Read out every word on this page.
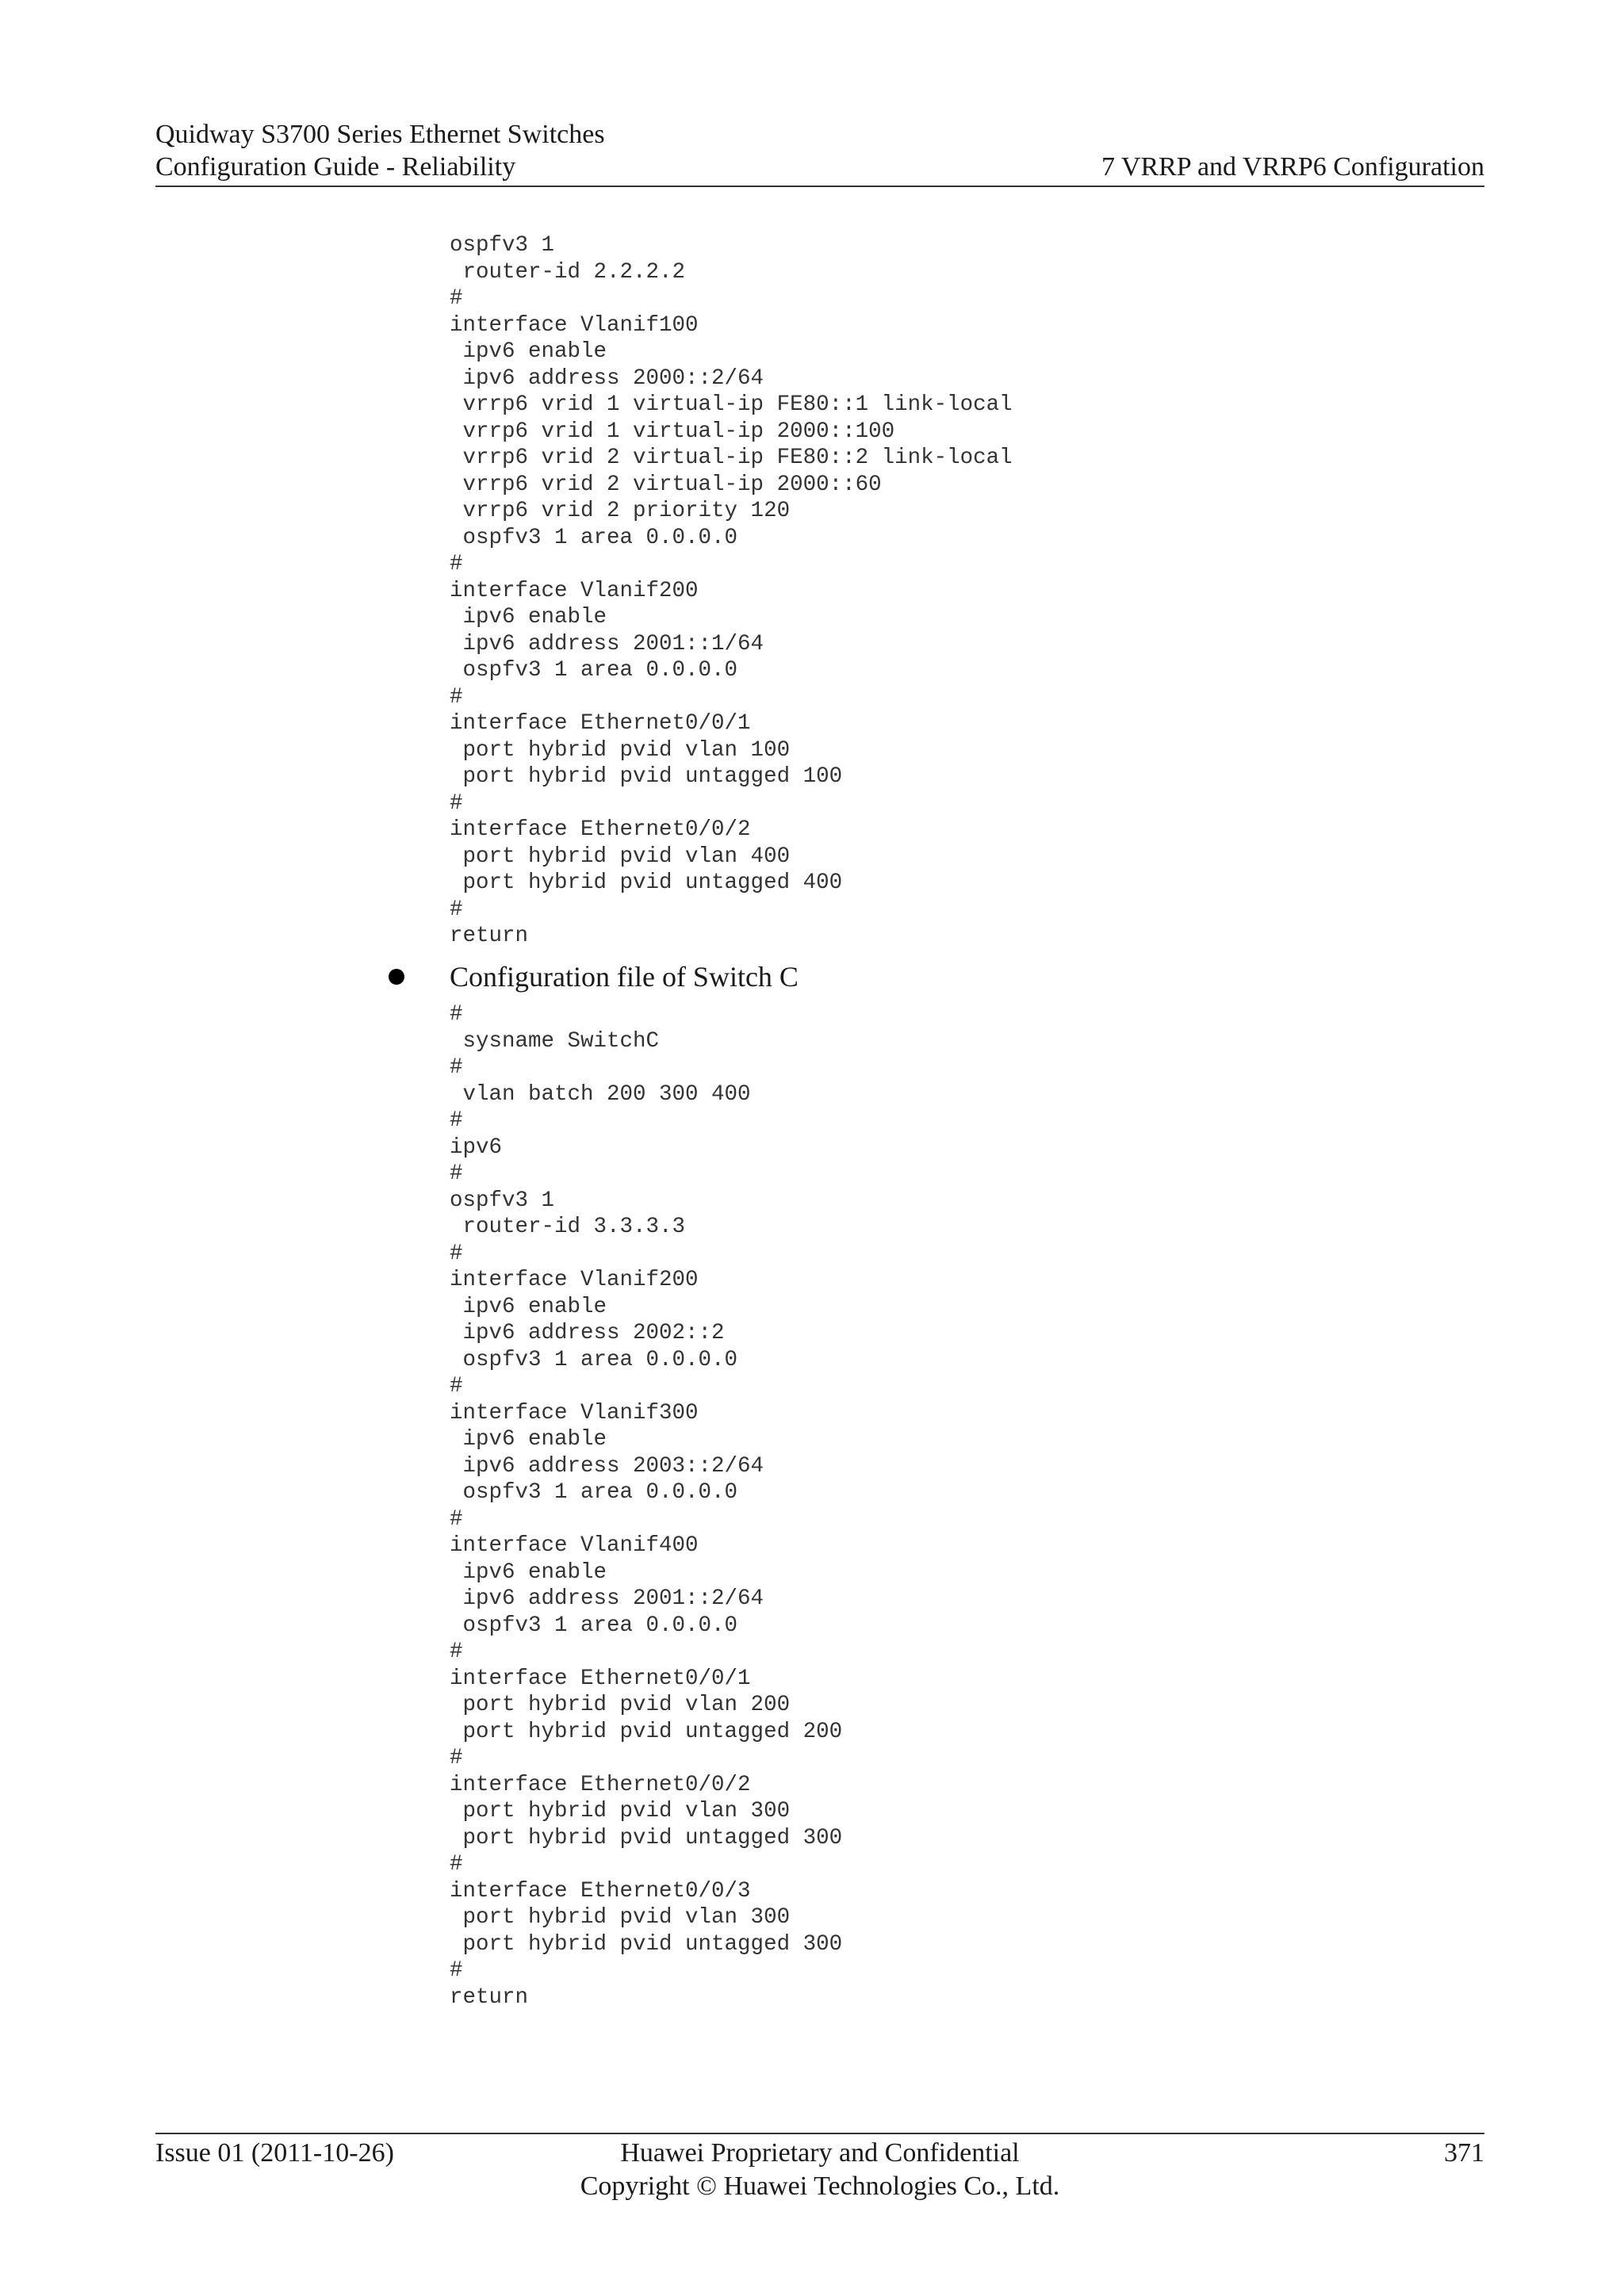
Quidway S3700 Series Ethernet Switches
Configuration Guide - Reliability	7 VRRP and VRRP6 Configuration
ospfv3 1
router-id 2.2.2.2
#
interface Vlanif100
ipv6 enable
ipv6 address 2000::2/64
vrrp6 vrid 1 virtual-ip FE80::1 link-local
vrrp6 vrid 1 virtual-ip 2000::100
vrrp6 vrid 2 virtual-ip FE80::2 link-local
vrrp6 vrid 2 virtual-ip 2000::60
vrrp6 vrid 2 priority 120
ospfv3 1 area 0.0.0.0
#
interface Vlanif200
ipv6 enable
ipv6 address 2001::1/64
ospfv3 1 area 0.0.0.0
#
interface Ethernet0/0/1
port hybrid pvid vlan 100
port hybrid pvid untagged 100
#
interface Ethernet0/0/2
port hybrid pvid vlan 400
port hybrid pvid untagged 400
#
return
Configuration file of Switch C
#
sysname SwitchC
#
vlan batch 200 300 400
#
ipv6
#
ospfv3 1
router-id 3.3.3.3
#
interface Vlanif200
ipv6 enable
ipv6 address 2002::2
ospfv3 1 area 0.0.0.0
#
interface Vlanif300
ipv6 enable
ipv6 address 2003::2/64
ospfv3 1 area 0.0.0.0
#
interface Vlanif400
ipv6 enable
ipv6 address 2001::2/64
ospfv3 1 area 0.0.0.0
#
interface Ethernet0/0/1
port hybrid pvid vlan 200
port hybrid pvid untagged 200
#
interface Ethernet0/0/2
port hybrid pvid vlan 300
port hybrid pvid untagged 300
#
interface Ethernet0/0/3
port hybrid pvid vlan 300
port hybrid pvid untagged 300
#
return
Issue 01 (2011-10-26)	Huawei Proprietary and Confidential
Copyright © Huawei Technologies Co., Ltd.
371
